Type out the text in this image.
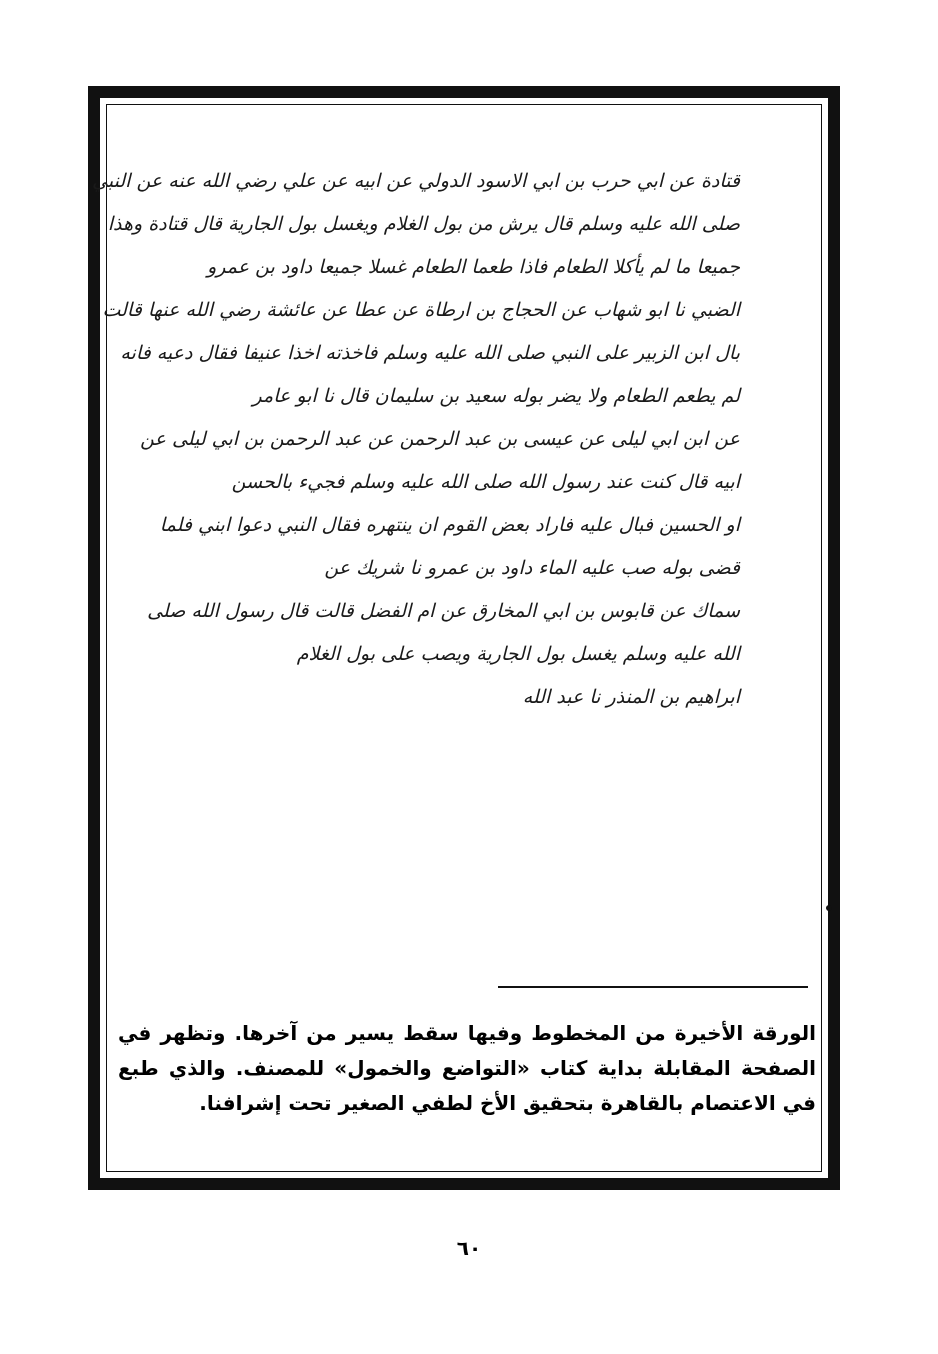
قتادة عن ابي حرب بن ابي الاسود الدولي عن ابيه عن علي رضي الله عنه عن النبي
صلى الله عليه وسلم قال يرش من بول الغلام ويغسل بول الجارية قال قتادة وهذا
جميعا ما لم يأكلا الطعام فاذا طعما الطعام غسلا جميعا داود بن عمرو
الضبي نا ابو شهاب عن الحجاج بن ارطاة عن عطا عن عائشة رضي الله عنها قالت
بال ابن الزبير على النبي صلى الله عليه وسلم فاخذته اخذا عنيفا فقال دعيه فانه
لم يطعم الطعام ولا يضر بوله سعيد بن سليمان قال نا ابو عامر
عن ابن ابي ليلى عن عيسى بن عبد الرحمن عن عبد الرحمن بن ابي ليلى عن
ابيه قال كنت عند رسول الله صلى الله عليه وسلم فجيء بالحسن
او الحسين فبال عليه فاراد بعض القوم ان ينتهره فقال النبي دعوا ابني فلما
قضى بوله صب عليه الماء داود بن عمرو نا شريك عن
سماك عن قابوس بن ابي المخارق عن ام الفضل قالت قال رسول الله صلى
الله عليه وسلم يغسل بول الجارية ويصب على بول الغلام
ابراهيم بن المنذر نا عبد الله
الورقة الأخيرة من المخطوط وفيها سقط يسير من آخرها. وتظهر في الصفحة المقابلة بداية كتاب «التواضع والخمول» للمصنف. والذي طبع في الاعتصام بالقاهرة بتحقيق الأخ لطفي الصغير تحت إشرافنا.
٦٠
